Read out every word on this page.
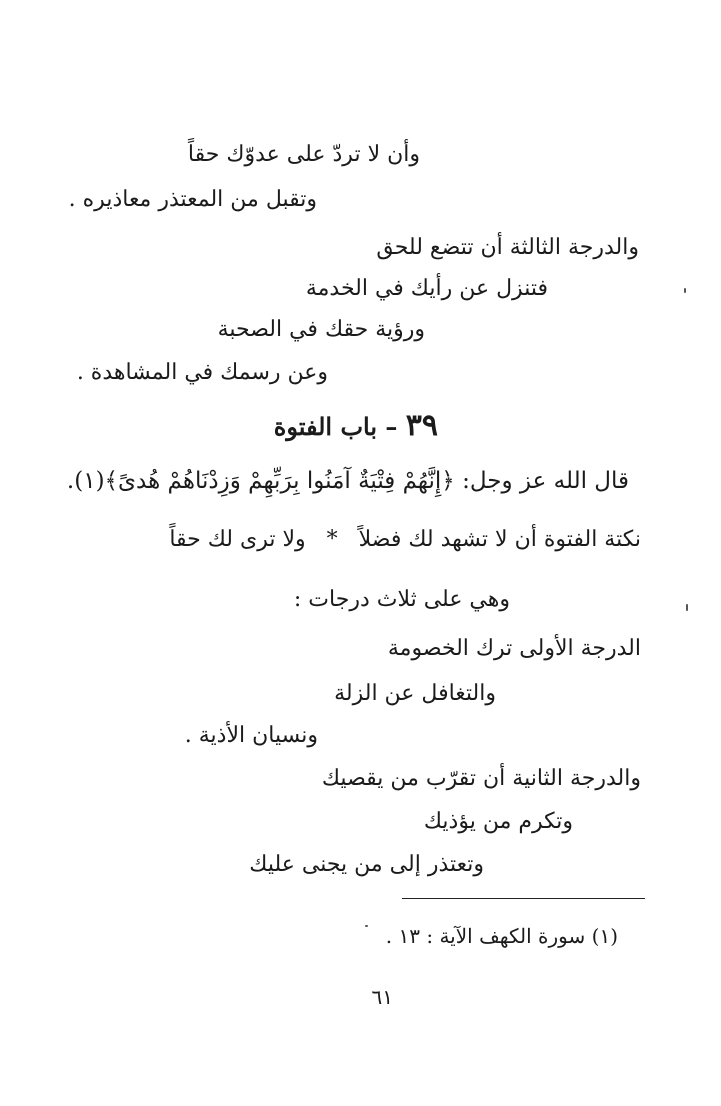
وأن لا تردّ على عدوّك حقاً
وتقبل من المعتذر معاذيره .
والدرجة الثالثة أن تتضع للحق
فتنزل عن رأيك في الخدمة
ورؤية حقك في الصحبة
وعن رسمك في المشاهدة .
٣٩ – باب الفتوة
قال الله عز وجل: ﴿إِنَّهُمْ فِتْيَةٌ آمَنُوا بِرَبِّهِمْ وَزِدْنَاهُمْ هُدىً﴾(١).
نكتة الفتوة أن لا تشهد لك فضلاً * ولا ترى لك حقاً
وهي على ثلاث درجات :
الدرجة الأولى ترك الخصومة
والتغافل عن الزلة
ونسيان الأذية .
والدرجة الثانية أن تقرّب من يقصيك
وتكرم من يؤذيك
وتعتذر إلى من يجنى عليك
(١) سورة الكهف الآية : ١٣ .
٦١
